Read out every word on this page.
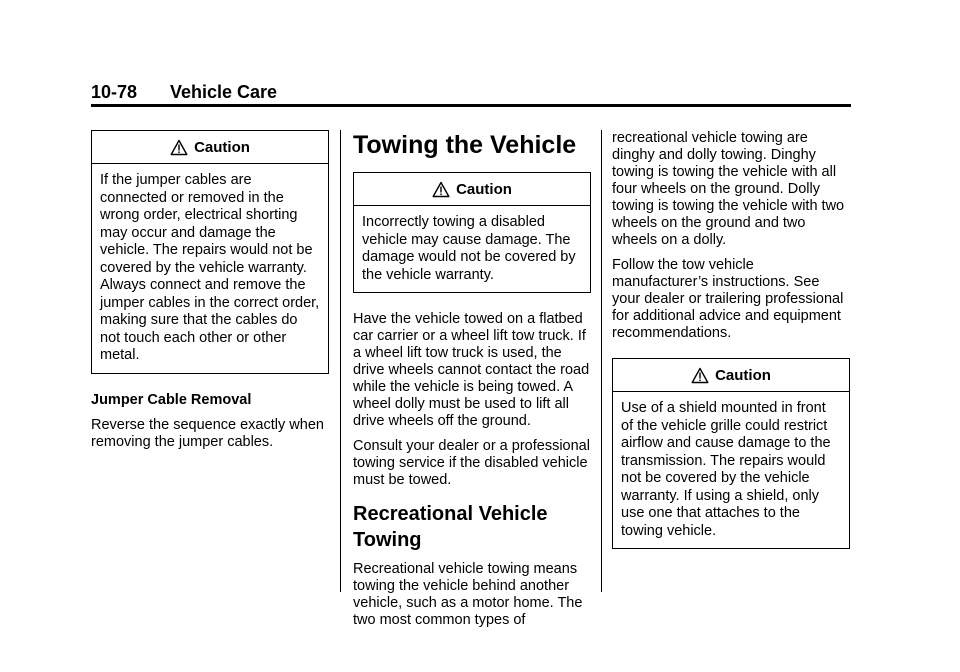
10-78 Vehicle Care
Caution

If the jumper cables are connected or removed in the wrong order, electrical shorting may occur and damage the vehicle. The repairs would not be covered by the vehicle warranty. Always connect and remove the jumper cables in the correct order, making sure that the cables do not touch each other or other metal.

Jumper Cable Removal

Reverse the sequence exactly when removing the jumper cables.

Towing the Vehicle
Caution

Incorrectly towing a disabled vehicle may cause damage. The damage would not be covered by the vehicle warranty.

Have the vehicle towed on a flatbed car carrier or a wheel lift tow truck. If a wheel lift tow truck is used, the drive wheels cannot contact the road while the vehicle is being towed. A wheel dolly must be used to lift all drive wheels off the ground.

Consult your dealer or a professional towing service if the disabled vehicle must be towed.

Recreational Vehicle Towing

Recreational vehicle towing means towing the vehicle behind another vehicle, such as a motor home. The two most common types of

recreational vehicle towing are dinghy and dolly towing. Dinghy towing is towing the vehicle with all four wheels on the ground. Dolly towing is towing the vehicle with two wheels on the ground and two wheels on a dolly.

Follow the tow vehicle manufacturer’s instructions. See your dealer or trailering professional for additional advice and equipment recommendations.

Caution

Use of a shield mounted in front of the vehicle grille could restrict airflow and cause damage to the transmission. The repairs would not be covered by the vehicle warranty. If using a shield, only use one that attaches to the towing vehicle.
